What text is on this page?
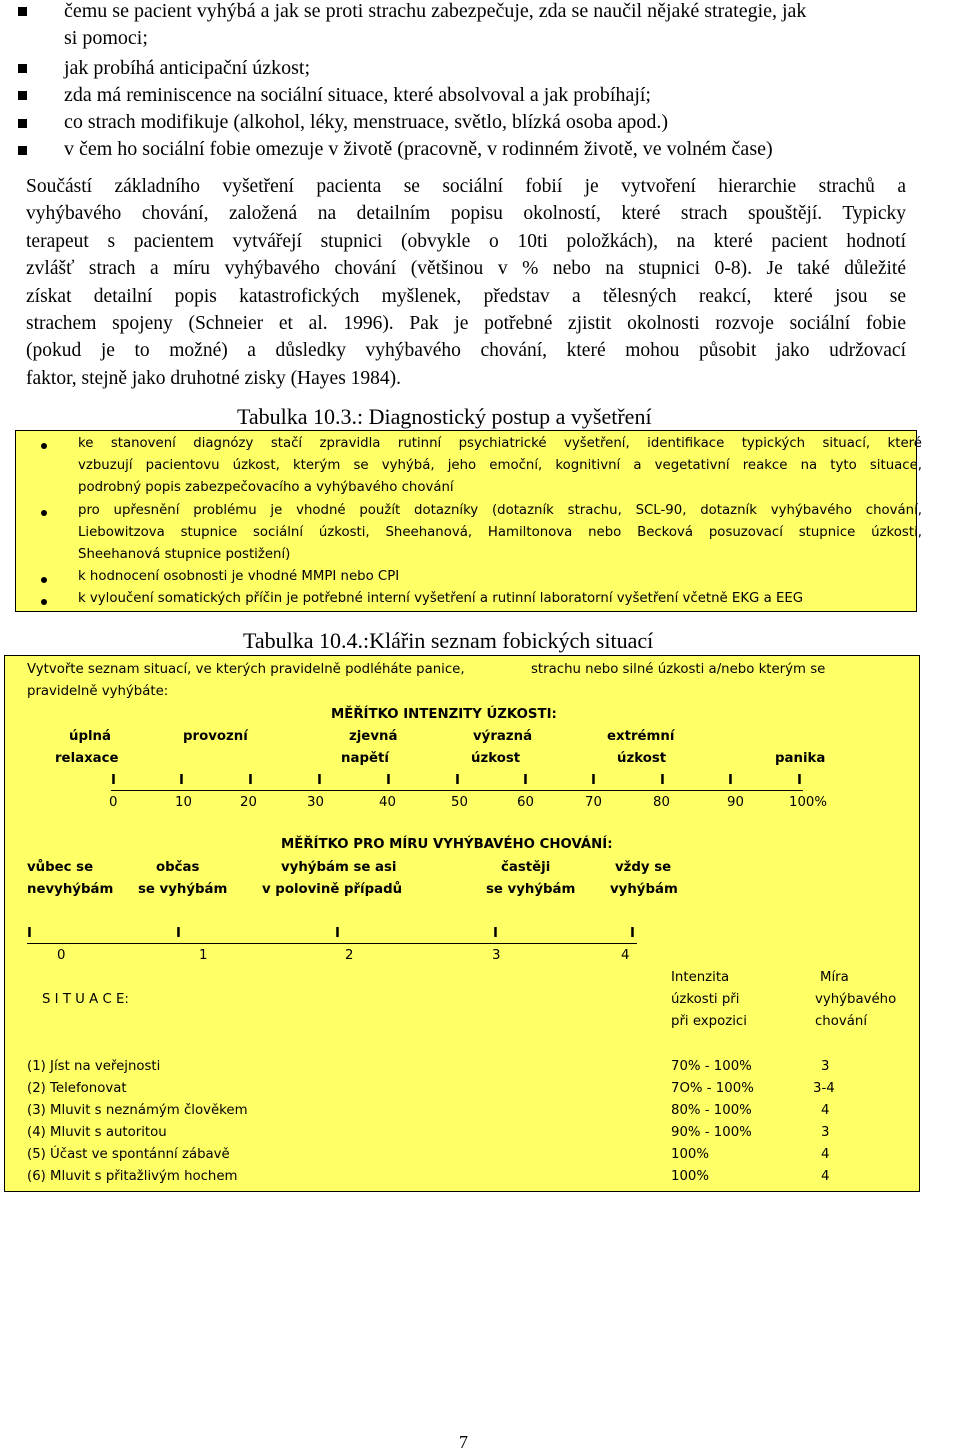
čemu se pacient vyhýbá a jak se proti strachu zabezpečuje, zda se naučil nějaké strategie, jak
si pomoci;
jak probíhá anticipační úzkost;
zda má reminiscence na sociální situace, které absolvoval a jak probíhají;
co strach modifikuje (alkohol, léky, menstruace, světlo, blízká osoba apod.)
v čem ho sociální fobie omezuje v životě (pracovně, v rodinném životě, ve volném čase)
Součástí základního vyšetření pacienta se sociální fobií je vytvoření hierarchie strachů a
vyhýbavého chování, založená na detailním popisu okolností, které strach spouštějí. Typicky
terapeut s pacientem vytvářejí stupnici (obvykle o 10ti položkách), na které pacient hodnotí
zvlášť strach a míru vyhýbavého chování (většinou v % nebo na stupnici 0-8). Je také důležité
získat detailní popis katastrofických myšlenek, představ a tělesných reakcí, které jsou se
strachem spojeny (Schneier et al. 1996). Pak je potřebné zjistit okolnosti rozvoje sociální fobie
(pokud je to možné) a důsledky vyhýbavého chování, které mohou působit jako udržovací
faktor, stejně jako druhotné zisky (Hayes 1984).
Tabulka 10.3.: Diagnostický postup a vyšetření
ke stanovení diagnózy stačí zpravidla rutinní psychiatrické vyšetření, identifikace typických situací, které
vzbuzují pacientovu úzkost, kterým se vyhýbá, jeho emoční, kognitivní a vegetativní reakce na tyto situace,
podrobný popis zabezpečovacího a vyhýbavého chování
pro upřesnění problému je vhodné použít dotazníky (dotazník strachu, SCL-90, dotazník vyhýbavého chování,
Liebowitzova stupnice sociální úzkosti, Sheehanová, Hamiltonova nebo Becková posuzovací stupnice úzkosti,
Sheehanová stupnice postižení)
k hodnocení osobnosti je vhodné MMPI nebo CPI
k vyloučení somatických příčin je potřebné interní vyšetření a rutinní laboratorní vyšetření včetně EKG a EEG
Tabulka 10.4.:Klářin seznam fobických situací
Vytvořte seznam situací, ve kterých pravidelně podléháte panice,	strachu nebo silné úzkosti a/nebo kterým se
pravidelně vyhýbáte:
MĚŘÍTKO INTENZITY ÚZKOSTI:
úplná
relaxace
provozní	zjevná
napětí
výrazná
úzkost
extrémní
úzkost	panika
I	I	I	I	I	I	I	I	I	I	I
0	10	20	30	40	50	60	70	80	90	100%
MĚŘÍTKO PRO MÍRU VYHÝBAVÉHO CHOVÁNÍ:
vůbec se
nevyhýbám
občas
se vyhýbám
vyhýbám se asi
v polovině případů
častěji
se vyhýbám
vždy se
vyhýbám
I	I	I	I	I
0	1	2	3	4
Intenzita
úzkosti při
při expozici
Míra
vyhýbavého
chování
S I T U A C E:
(1) Jíst na veřejnosti	70% - 100%	3
(2) Telefonovat	7O% - 100%	3-4
(3) Mluvit s neznámým člověkem	80% - 100%	4
(4) Mluvit s autoritou	90% - 100%	3
(5) Účast ve spontánní zábavě	100%	4
(6) Mluvit s přitažlivým hochem	100%	4
7
